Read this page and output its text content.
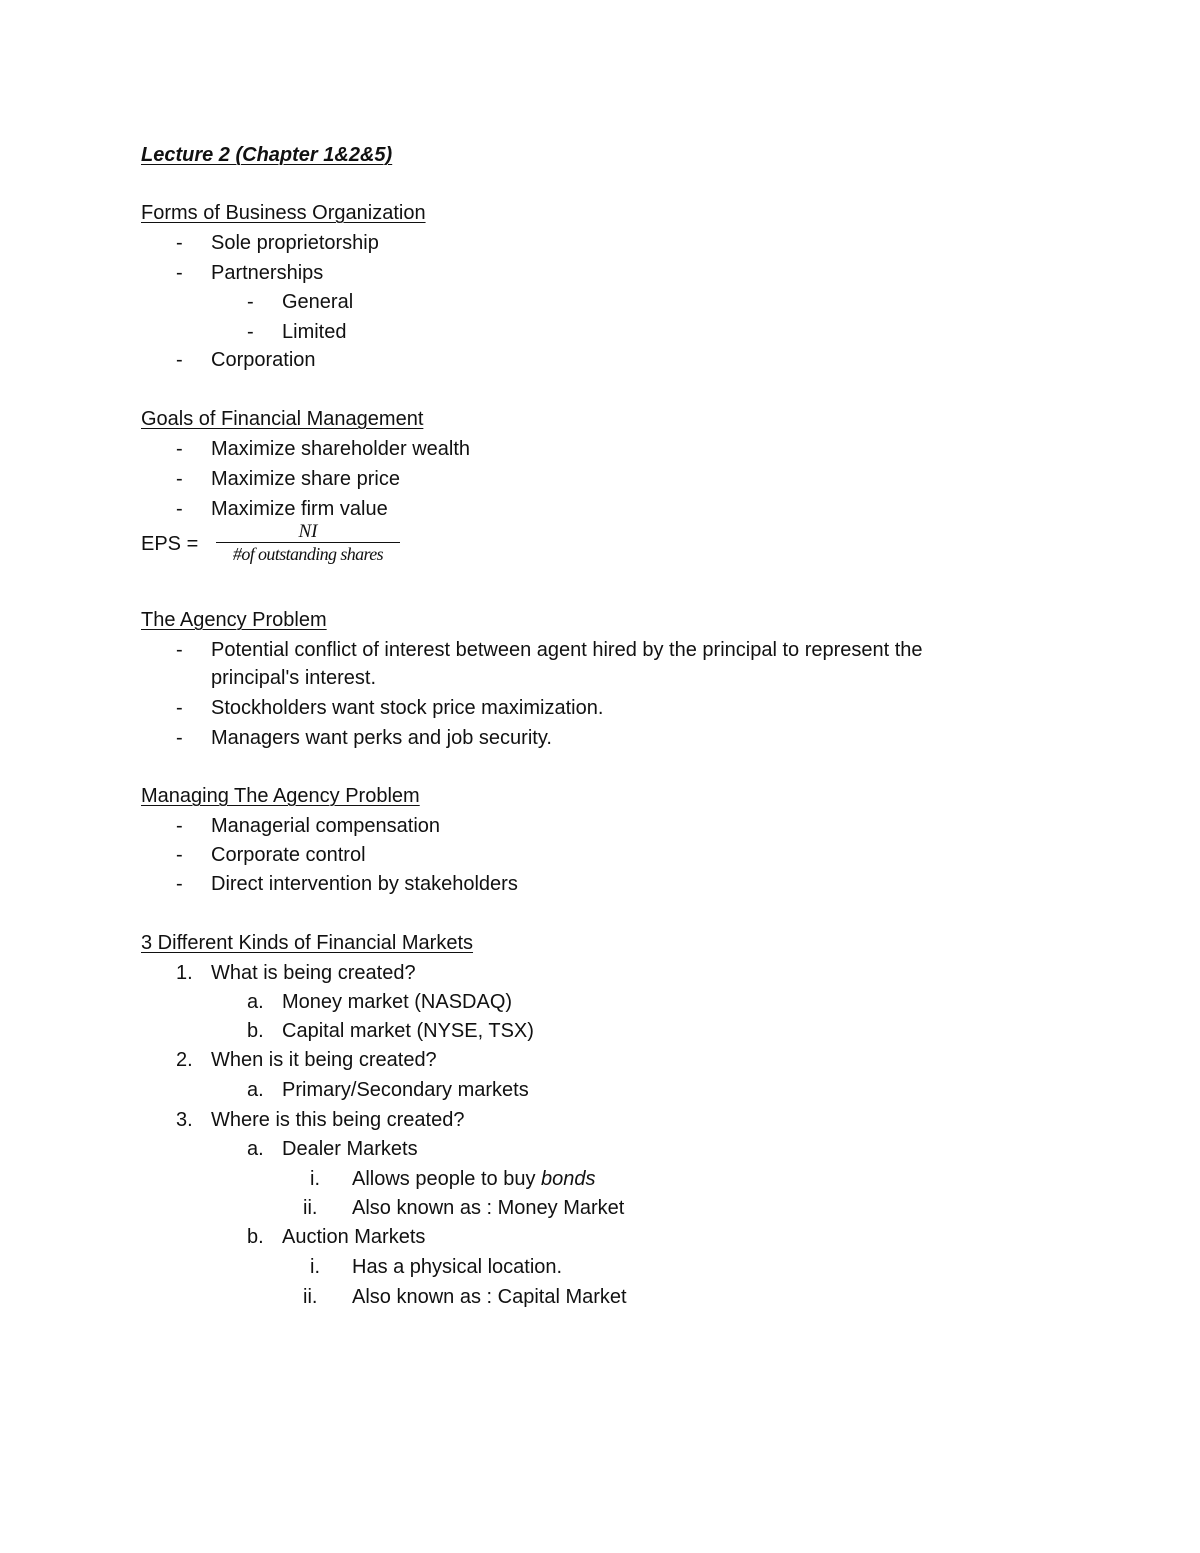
Lecture 2 (Chapter 1&2&5)
Forms of Business Organization
- Sole proprietorship
- Partnerships
- General
- Limited
- Corporation
Goals of Financial Management
- Maximize shareholder wealth
- Maximize share price
- Maximize firm value
EPS =
NI
#of outstanding shares
The Agency Problem
- Potential conflict of interest between agent hired by the principal to represent the
principal's interest.
- Stockholders want stock price maximization.
- Managers want perks and job security.
Managing The Agency Problem
- Managerial compensation
- Corporate control
- Direct intervention by stakeholders
3 Different Kinds of Financial Markets
1. What is being created?
a. Money market (NASDAQ)
b. Capital market (NYSE, TSX)
2. When is it being created?
a. Primary/Secondary markets
3. Where is this being created?
a. Dealer Markets
i. Allows people to buy bonds
ii. Also known as : Money Market
b. Auction Markets
i. Has a physical location.
ii. Also known as : Capital Market
